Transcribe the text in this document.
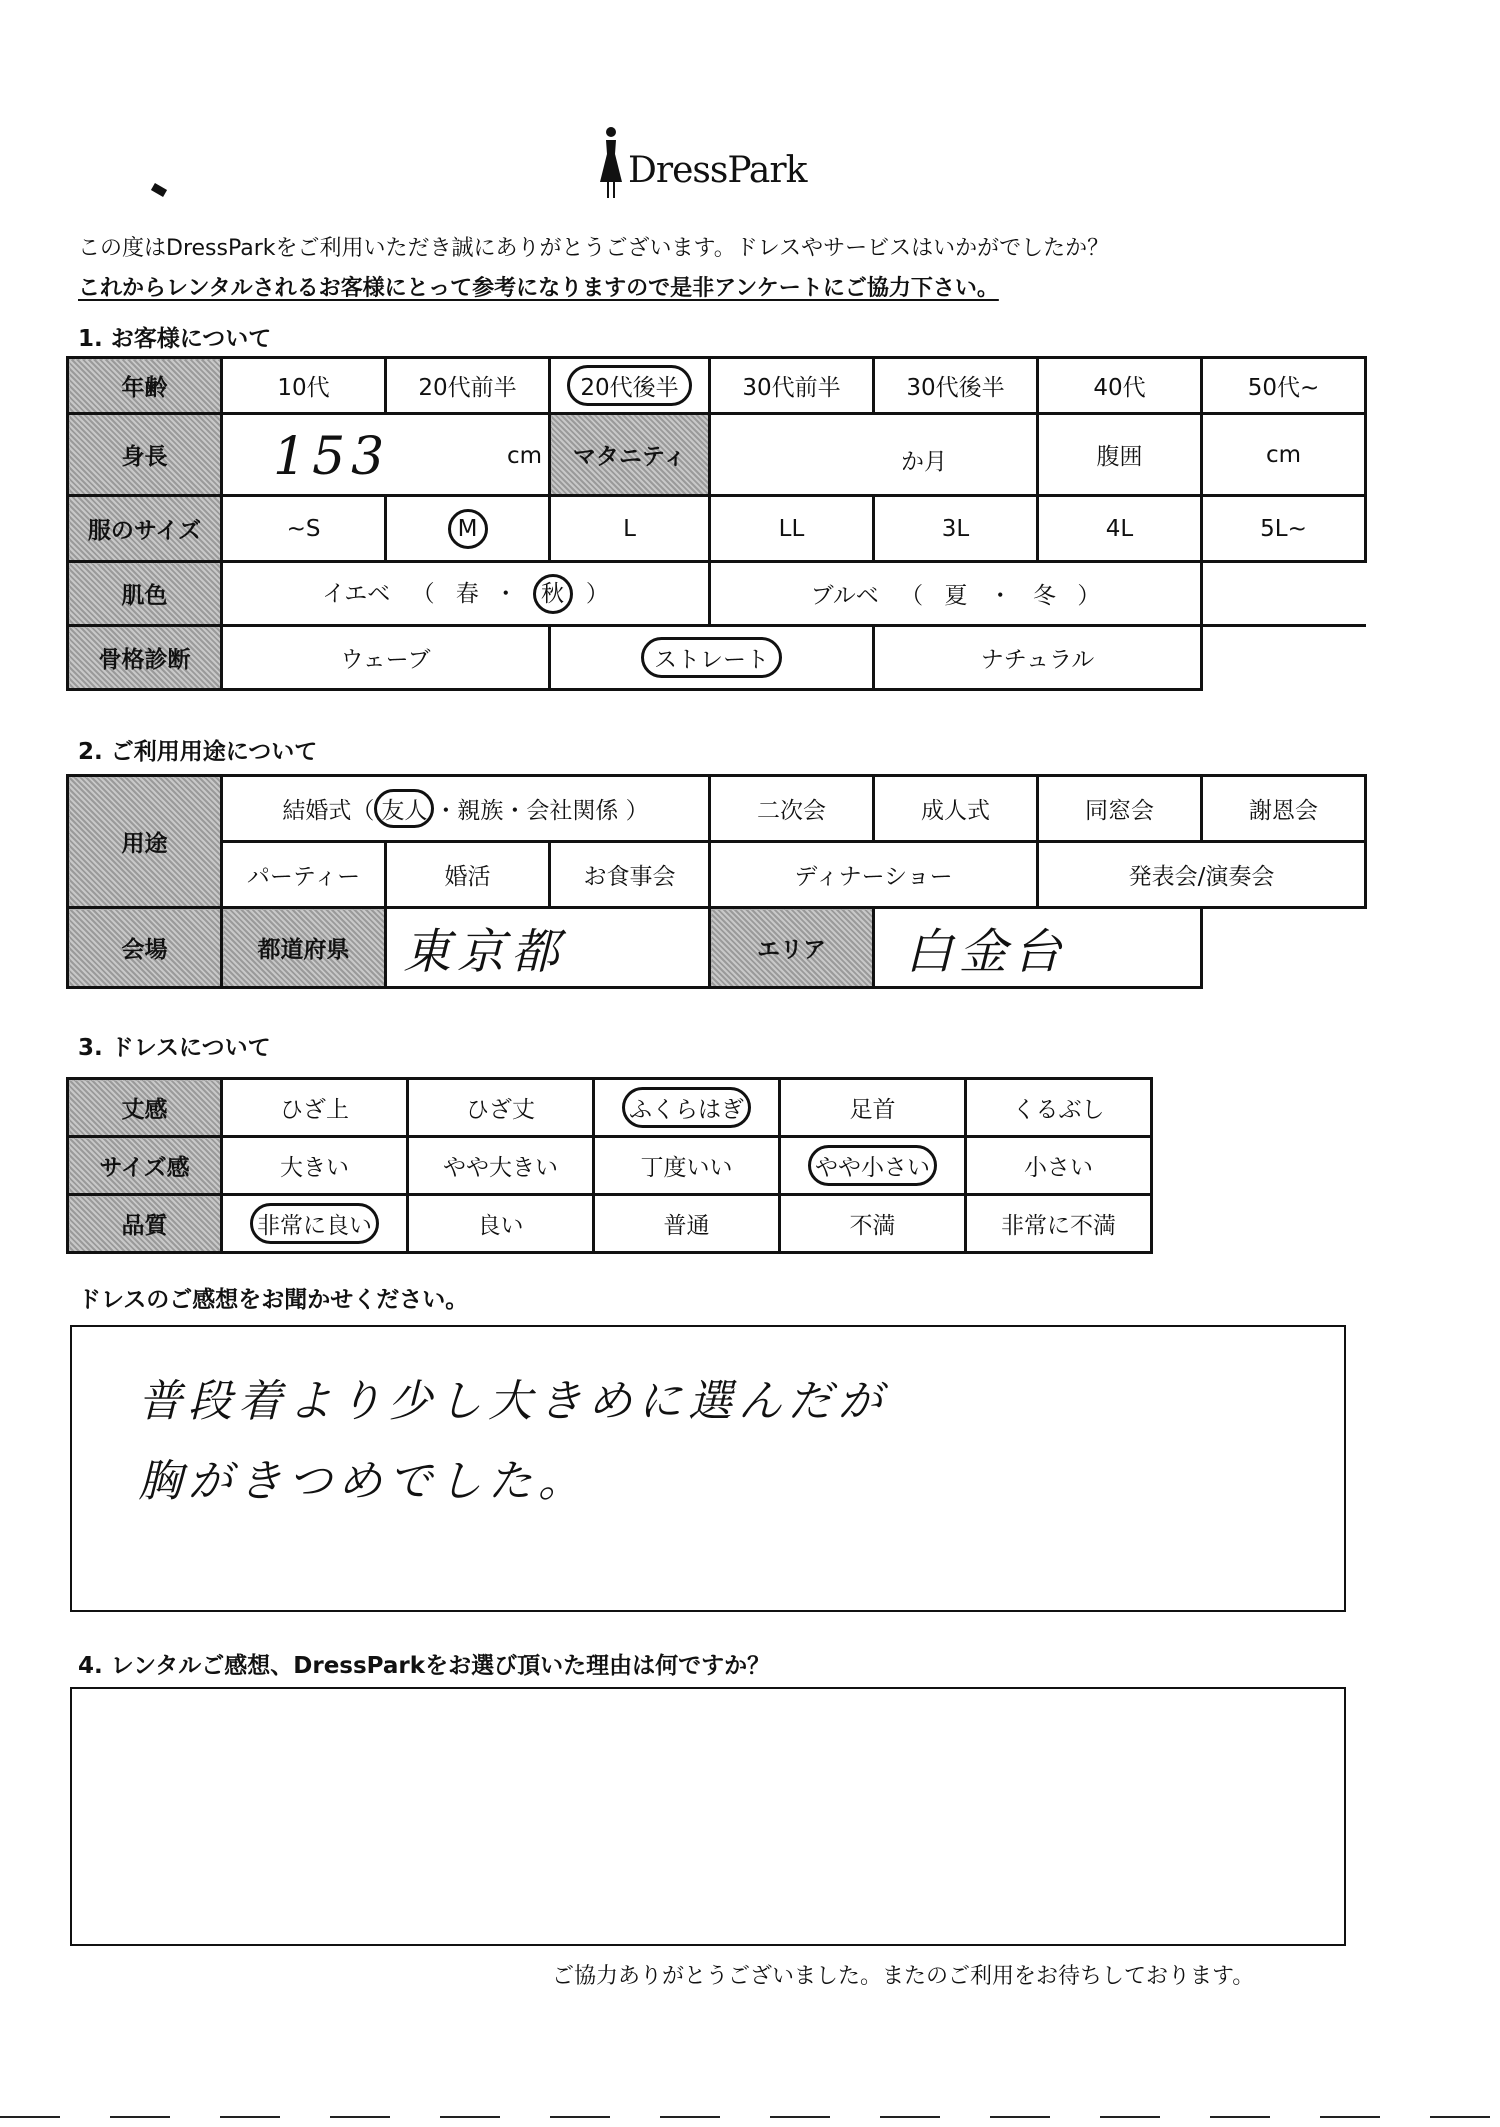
DressPark
この度はDressParkをご利用いただき誠にありがとうございます。ドレスやサービスはいかがでしたか？
これからレンタルされるお客様にとって参考になりますので是非アンケートにご協力下さい。
1. お客様について
年齢	10代	20代前半	20代後半	30代前半	30代後半	40代	50代~
身長	153 cm		マタニティ	か月		腹囲	cm
服のサイズ	~S	M	L	LL	3L	4L	5L~
肌色	イエベ （ 春 ・ 秋 ）			ブルベ （ 夏 ・ 冬 ）			
骨格診断	ウェーブ		ストレート		ナチュラル		
2. ご利用用途について
用途	結婚式（ 友人 ・親族・会社関係 ）			二次会	成人式	同窓会	謝恩会
	パーティー	婚活	お食事会	ディナーショー		発表会/演奏会	
会場	都道府県	東京都		エリア	白金台		
3. ドレスについて
丈感	ひざ上	ひざ丈	ふくらはぎ	足首	くるぶし
サイズ感	大きい	やや大きい	丁度いい	やや小さい	小さい
品質	非常に良い	良い	普通	不満	非常に不満
ドレスのご感想をお聞かせください。
普段着より少し大きめに選んだが
胸がきつめでした。
4. レンタルご感想、DressParkをお選び頂いた理由は何ですか？
ご協力ありがとうございました。またのご利用をお待ちしております。
